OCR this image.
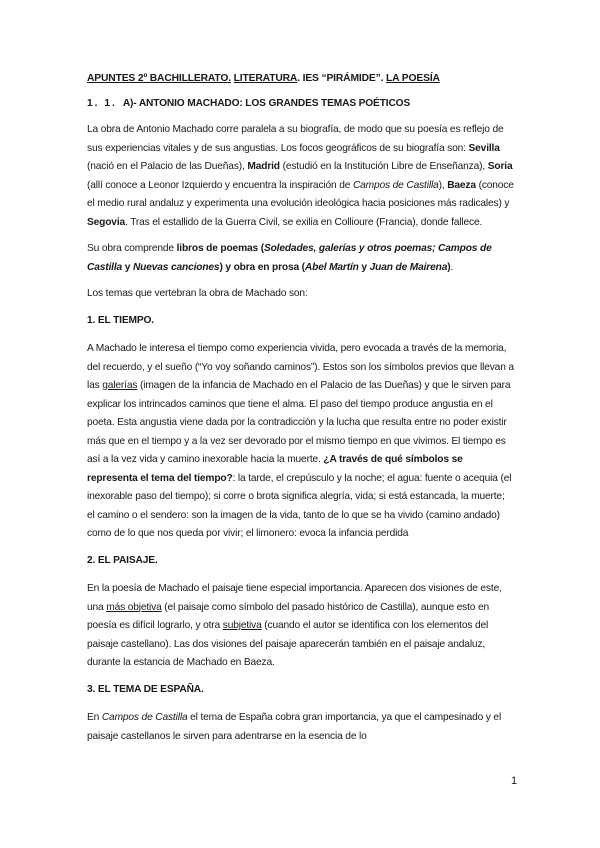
APUNTES 2º BACHILLERATO. LITERATURA. IES “PIRÁMIDE”. LA POESÍA
1. 1. A)- ANTONIO MACHADO: LOS GRANDES TEMAS POÉTICOS

La obra de Antonio Machado corre paralela a su biografía, de modo que su poesía es reflejo de sus experiencias vitales y de sus angustias. Los focos geográficos de su biografía son: Sevilla (nació en el Palacio de las Dueñas), Madrid (estudió en la Institución Libre de Enseñanza), Soria (allí conoce a Leonor Izquierdo y encuentra la inspiración de Campos de Castilla), Baeza (conoce el medio rural andaluz y experimenta una evolución ideológica hacia posiciones más radicales) y Segovia. Tras el estallido de la Guerra Civil, se exilia en Collioure (Francia), donde fallece.

Su obra comprende libros de poemas (Soledades, galerías y otros poemas; Campos de Castilla y Nuevas canciones) y obra en prosa (Abel Martín y Juan de Mairena).

Los temas que vertebran la obra de Machado son:

1. EL TIEMPO.

A Machado le interesa el tiempo como experiencia vivida, pero evocada a través de la memoria, del recuerdo, y el sueño (“Yo voy soñando caminos”). Estos son los símbolos previos que llevan a las galerías (imagen de la infancia de Machado en el Palacio de las Dueñas) y que le sirven para explicar los intrincados caminos que tiene el alma. El paso del tiempo produce angustia en el poeta. Esta angustia viene dada por la contradicción y la lucha que resulta entre no poder existir más que en el tiempo y a la vez ser devorado por el mismo tiempo en que vivimos. El tiempo es así a la vez vida y camino inexorable hacia la muerte. ¿A través de qué símbolos se representa el tema del tiempo?: la tarde, el crepúsculo y la noche; el agua: fuente o acequia (el inexorable paso del tiempo); si corre o brota significa alegría, vida; si está estancada, la muerte; el camino o el sendero: son la imagen de la vida, tanto de lo que se ha vivido (camino andado) como de lo que nos queda por vivir; el limonero: evoca la infancia perdida

2. EL PAISAJE.

En la poesía de Machado el paisaje tiene especial importancia. Aparecen dos visiones de este, una más objetiva (el paisaje como símbolo del pasado histórico de Castilla), aunque esto en poesía es difícil lograrlo, y otra subjetiva (cuando el autor se identifica con los elementos del paisaje castellano). Las dos visiones del paisaje aparecerán también en el paisaje andaluz, durante la estancia de Machado en Baeza.

3. EL TEMA DE ESPAÑA.

En Campos de Castilla el tema de España cobra gran importancia, ya que el campesinado y el paisaje castellanos le sirven para adentrarse en la esencia de lo

1
